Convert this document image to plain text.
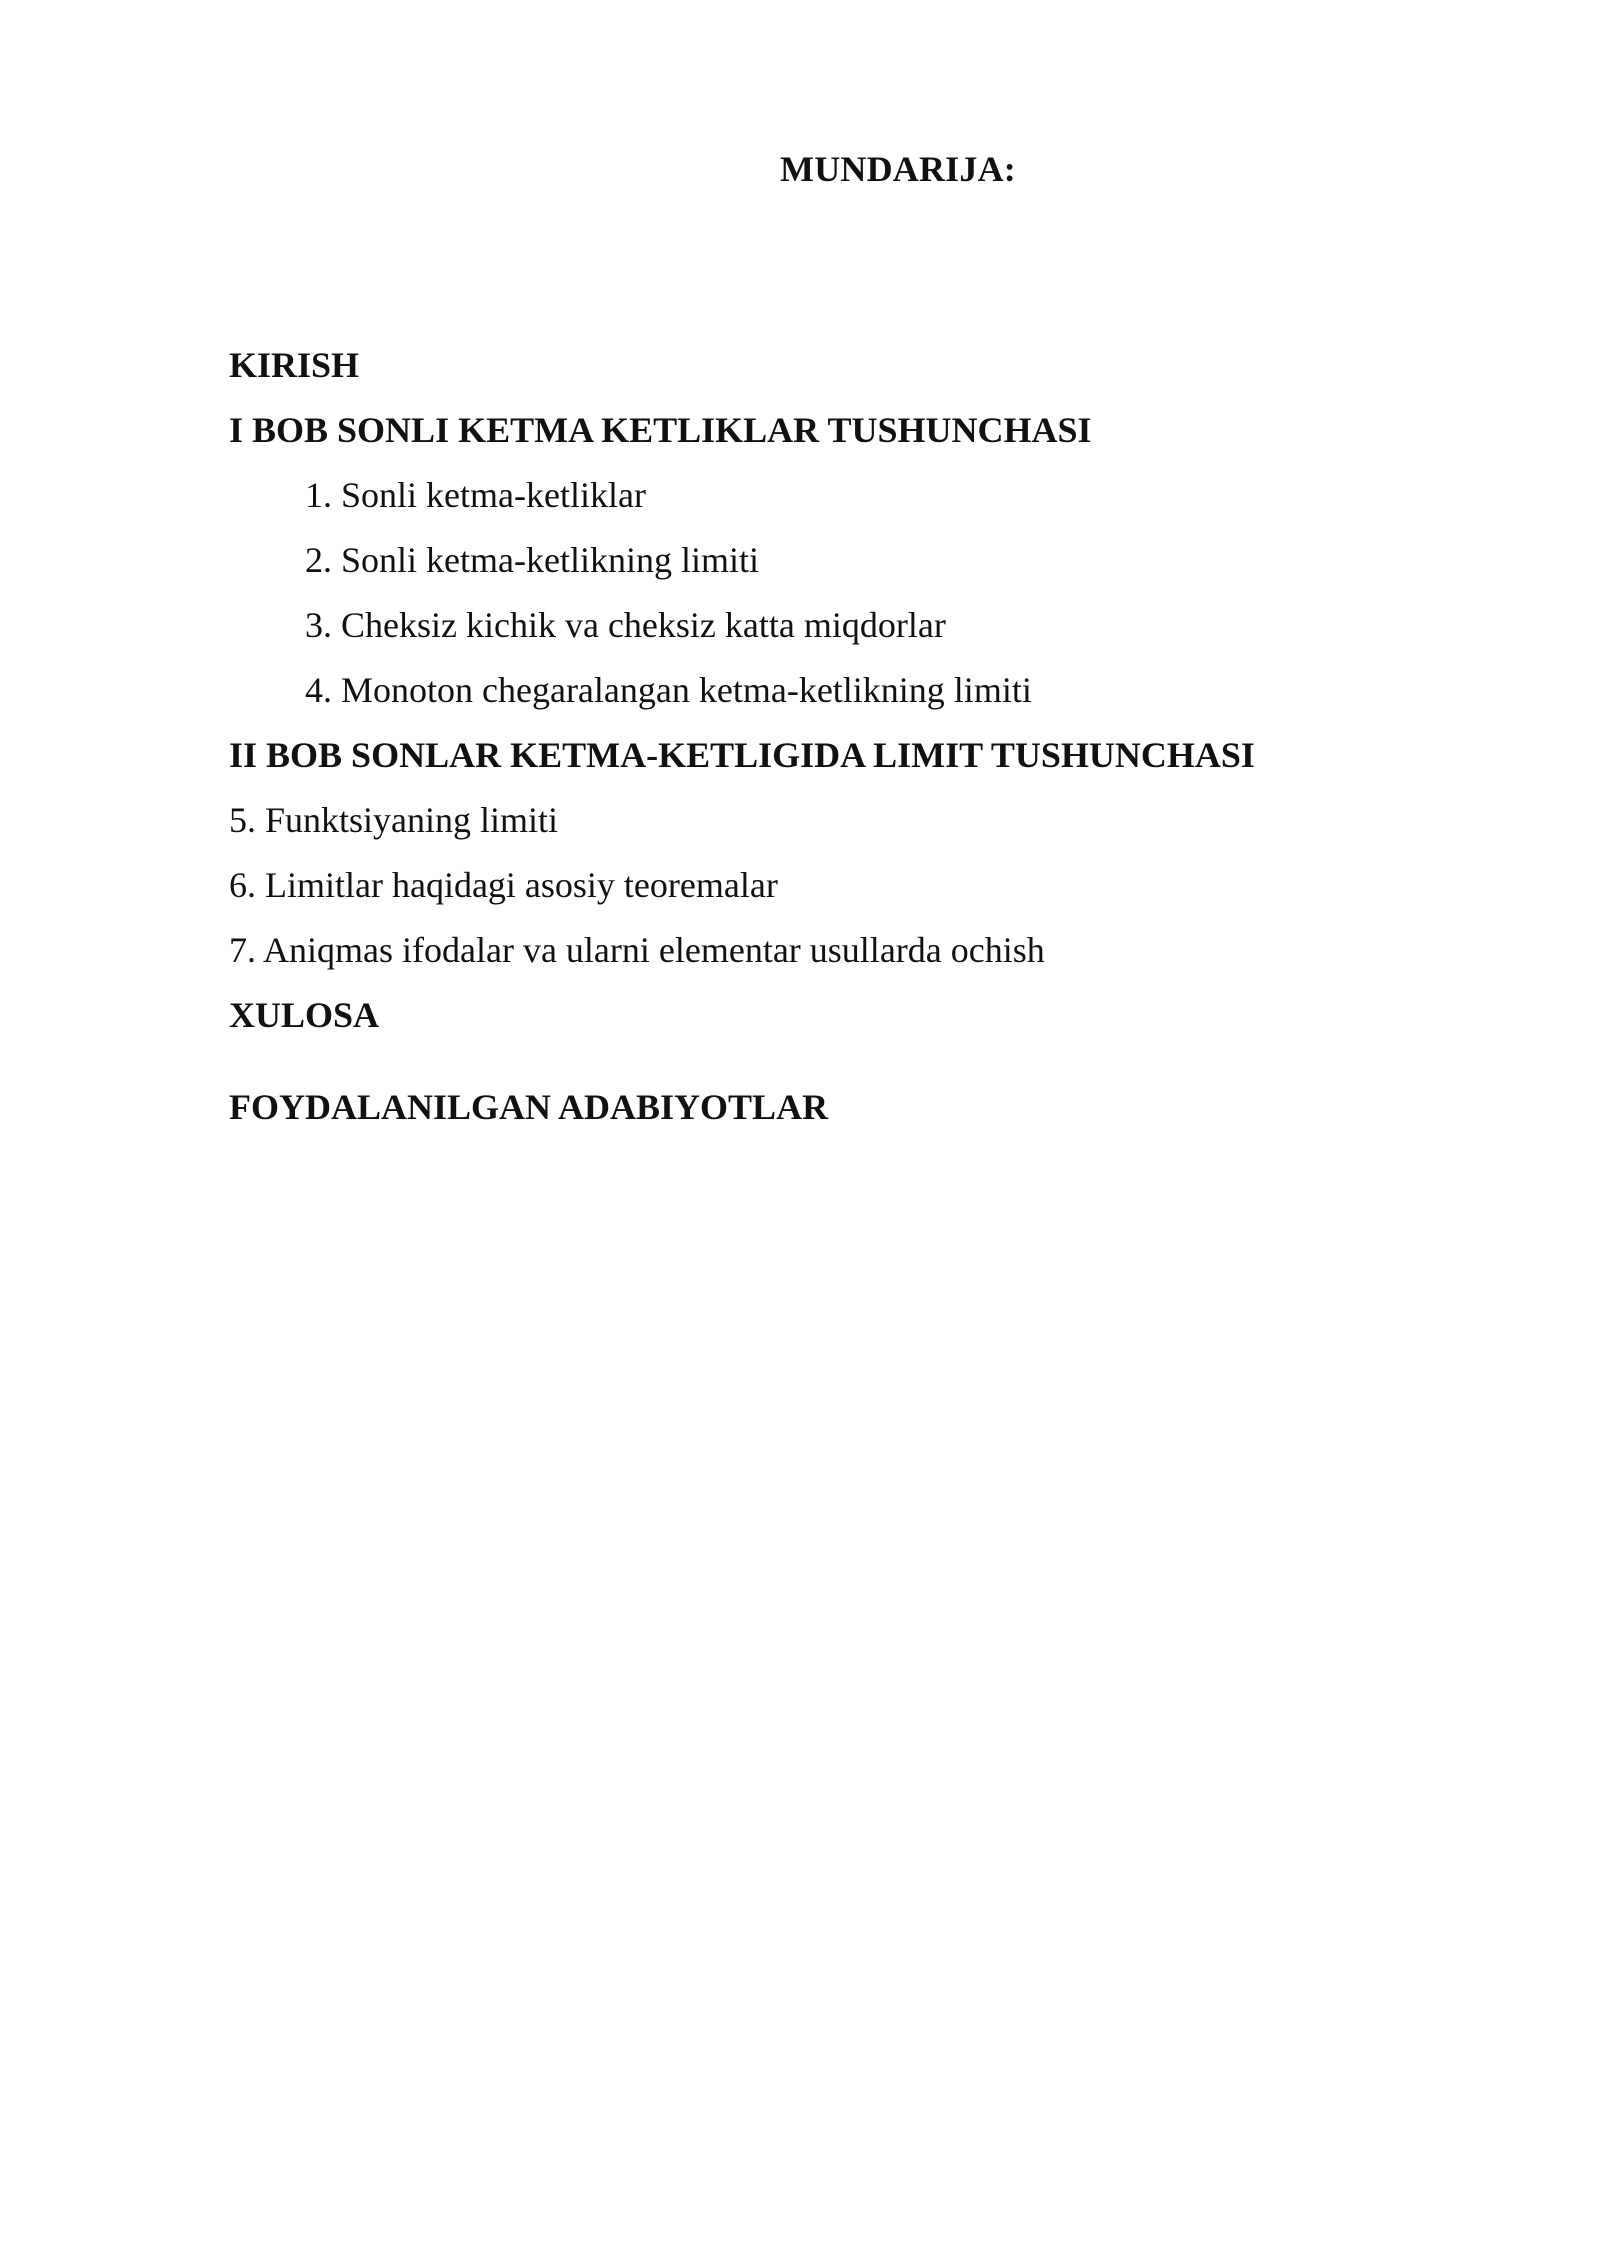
MUNDARIJA:
KIRISH
I BOB SONLI KETMA KETLIKLAR TUSHUNCHASI
1. Sonli ketma-ketliklar
2. Sonli ketma-ketlikning limiti
3. Cheksiz kichik va cheksiz katta miqdorlar
4. Monoton chegaralangan ketma-ketlikning limiti
II BOB SONLAR KETMA-KETLIGIDA LIMIT TUSHUNCHASI
5. Funktsiyaning limiti
6. Limitlar haqidagi asosiy teoremalar
7. Aniqmas ifodalar va ularni elementar usullarda ochish
XULOSA
FOYDALANILGAN ADABIYOTLAR
